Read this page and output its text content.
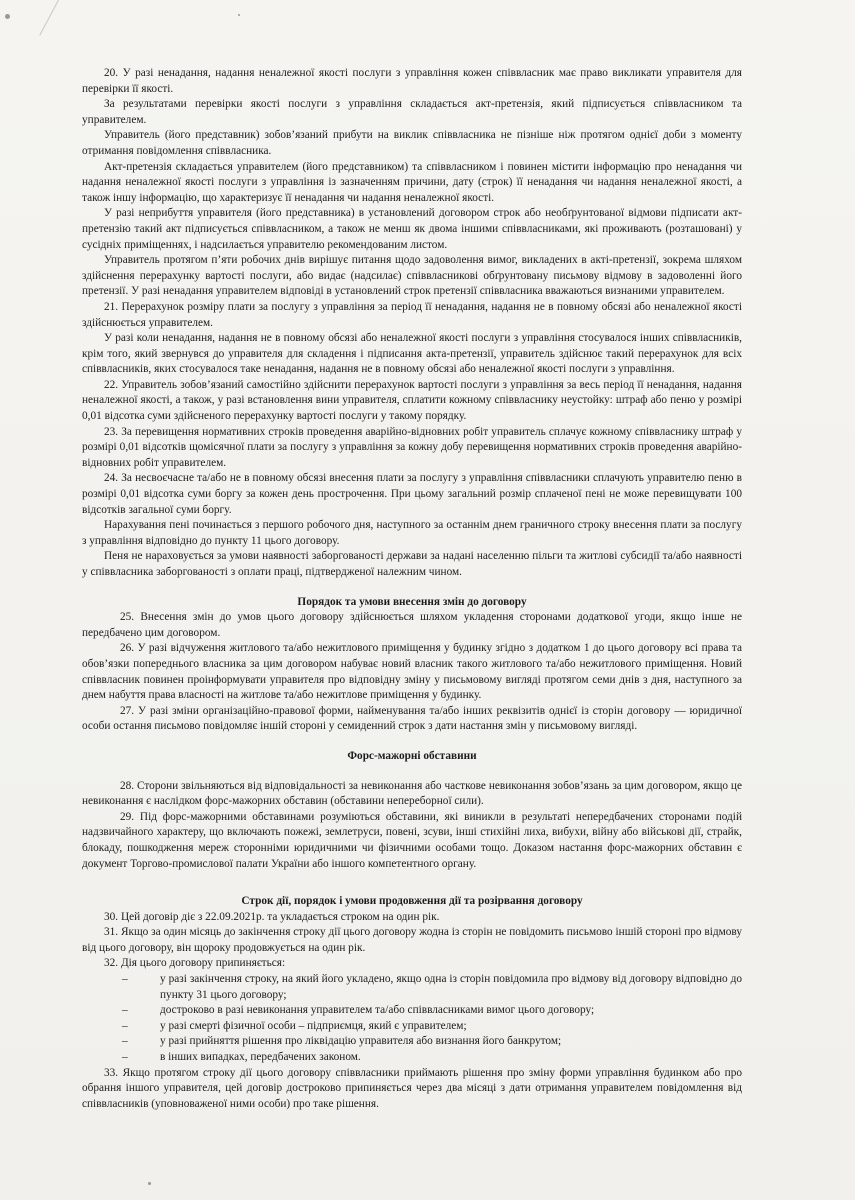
20. У разі ненадання, надання неналежної якості послуги з управління кожен співвласник має право викликати управителя для перевірки її якості.

За результатами перевірки якості послуги з управління складається акт-претензія, який підписується співвласником та управителем.

Управитель (його представник) зобов’язаний прибути на виклик співвласника не пізніше ніж протягом однієї доби з моменту отримання повідомлення співвласника.

Акт-претензія складається управителем (його представником) та співвласником і повинен містити інформацію про ненадання чи надання неналежної якості послуги з управління із зазначенням причини, дату (строк) її ненадання чи надання неналежної якості, а також іншу інформацію, що характеризує її ненадання чи надання неналежної якості.

У разі неприбуття управителя (його представника) в установлений договором строк або необґрунтованої відмови підписати акт-претензію такий акт підписується співвласником, а також не менш як двома іншими співвласниками, які проживають (розташовані) у сусідніх приміщеннях, і надсилається управителю рекомендованим листом.

Управитель протягом п’яти робочих днів вирішує питання щодо задоволення вимог, викладених в акті-претензії, зокрема шляхом здійснення перерахунку вартості послуги, або видає (надсилає) співвласникові обґрунтовану письмову відмову в задоволенні його претензії. У разі ненадання управителем відповіді в установлений строк претензії співвласника вважаються визнаними управителем.

21. Перерахунок розміру плати за послугу з управління за період її ненадання, надання не в повному обсязі або неналежної якості здійснюється управителем.

У разі коли ненадання, надання не в повному обсязі або неналежної якості послуги з управління стосувалося інших співвласників, крім того, який звернувся до управителя для складення і підписання акта-претензії, управитель здійснює такий перерахунок для всіх співвласників, яких стосувалося таке ненадання, надання не в повному обсязі або неналежної якості послуги з управління.

22. Управитель зобов’язаний самостійно здійснити перерахунок вартості послуги з управління за весь період її ненадання, надання неналежної якості, а також, у разі встановлення вини управителя, сплатити кожному співвласнику неустойку: штраф або пеню у розмірі 0,01 відсотка суми здійсненого перерахунку вартості послуги у такому порядку.

23. За перевищення нормативних строків проведення аварійно-відновних робіт управитель сплачує кожному співвласнику штраф у розмірі 0,01 відсотків щомісячної плати за послугу з управління за кожну добу перевищення нормативних строків проведення аварійно-відновних робіт управителем.

24. За несвоєчасне та/або не в повному обсязі внесення плати за послугу з управління співвласники сплачують управителю пеню в розмірі 0,01 відсотка суми боргу за кожен день прострочення. При цьому загальний розмір сплаченої пені не може перевищувати 100 відсотків загальної суми боргу.

Нарахування пені починається з першого робочого дня, наступного за останнім днем граничного строку внесення плати за послугу з управління відповідно до пункту 11 цього договору.

Пеня не нараховується за умови наявності заборгованості держави за надані населенню пільги та житлові субсидії та/або наявності у співвласника заборгованості з оплати праці, підтвердженої належним чином.

Порядок та умови внесення змін до договору

25. Внесення змін до умов цього договору здійснюється шляхом укладення сторонами додаткової угоди, якщо інше не передбачено цим договором.

26. У разі відчуження житлового та/або нежитлового приміщення у будинку згідно з додатком 1 до цього договору всі права та обов’язки попереднього власника за цим договором набуває новий власник такого житлового та/або нежитлового приміщення. Новий співвласник повинен проінформувати управителя про відповідну зміну у письмовому вигляді протягом семи днів з дня, наступного за днем набуття права власності на житлове та/або нежитлове приміщення у будинку.

27. У разі зміни організаційно-правової форми, найменування та/або інших реквізитів однієї із сторін договору — юридичної особи остання письмово повідомляє іншій стороні у семиденний строк з дати настання змін у письмовому вигляді.

Форс-мажорні обставини

28. Сторони звільняються від відповідальності за невиконання або часткове невиконання зобов’язань за цим договором, якщо це невиконання є наслідком форс-мажорних обставин (обставини непереборної сили).

29. Під форс-мажорними обставинами розуміються обставини, які виникли в результаті непередбачених сторонами подій надзвичайного характеру, що включають пожежі, землетруси, повені, зсуви, інші стихійні лиха, вибухи, війну або військові дії, страйк, блокаду, пошкодження мереж сторонніми юридичними чи фізичними особами тощо. Доказом настання форс-мажорних обставин є документ Торгово-промислової палати України або іншого компетентного органу.

Строк дії, порядок і умови продовження дії та розірвання договору

30. Цей договір діє з 22.09.2021р. та укладається строком на один рік.

31. Якщо за один місяць до закінчення строку дії цього договору жодна із сторін не повідомить письмово іншій стороні про відмову від цього договору, він щороку продовжується на один рік.

32. Дія цього договору припиняється:

– у разі закінчення строку, на який його укладено, якщо одна із сторін повідомила про відмову від договору відповідно до пункту 31 цього договору;
– достроково в разі невиконання управителем та/або співвласниками вимог цього договору;
– у разі смерті фізичної особи – підприємця, який є управителем;
– у разі прийняття рішення про ліквідацію управителя або визнання його банкрутом;
– в інших випадках, передбачених законом.

33. Якщо протягом строку дії цього договору співвласники приймають рішення про зміну форми управління будинком або про обрання іншого управителя, цей договір достроково припиняється через два місяці з дати отримання управителем повідомлення від співвласників (уповноваженої ними особи) про таке рішення.
